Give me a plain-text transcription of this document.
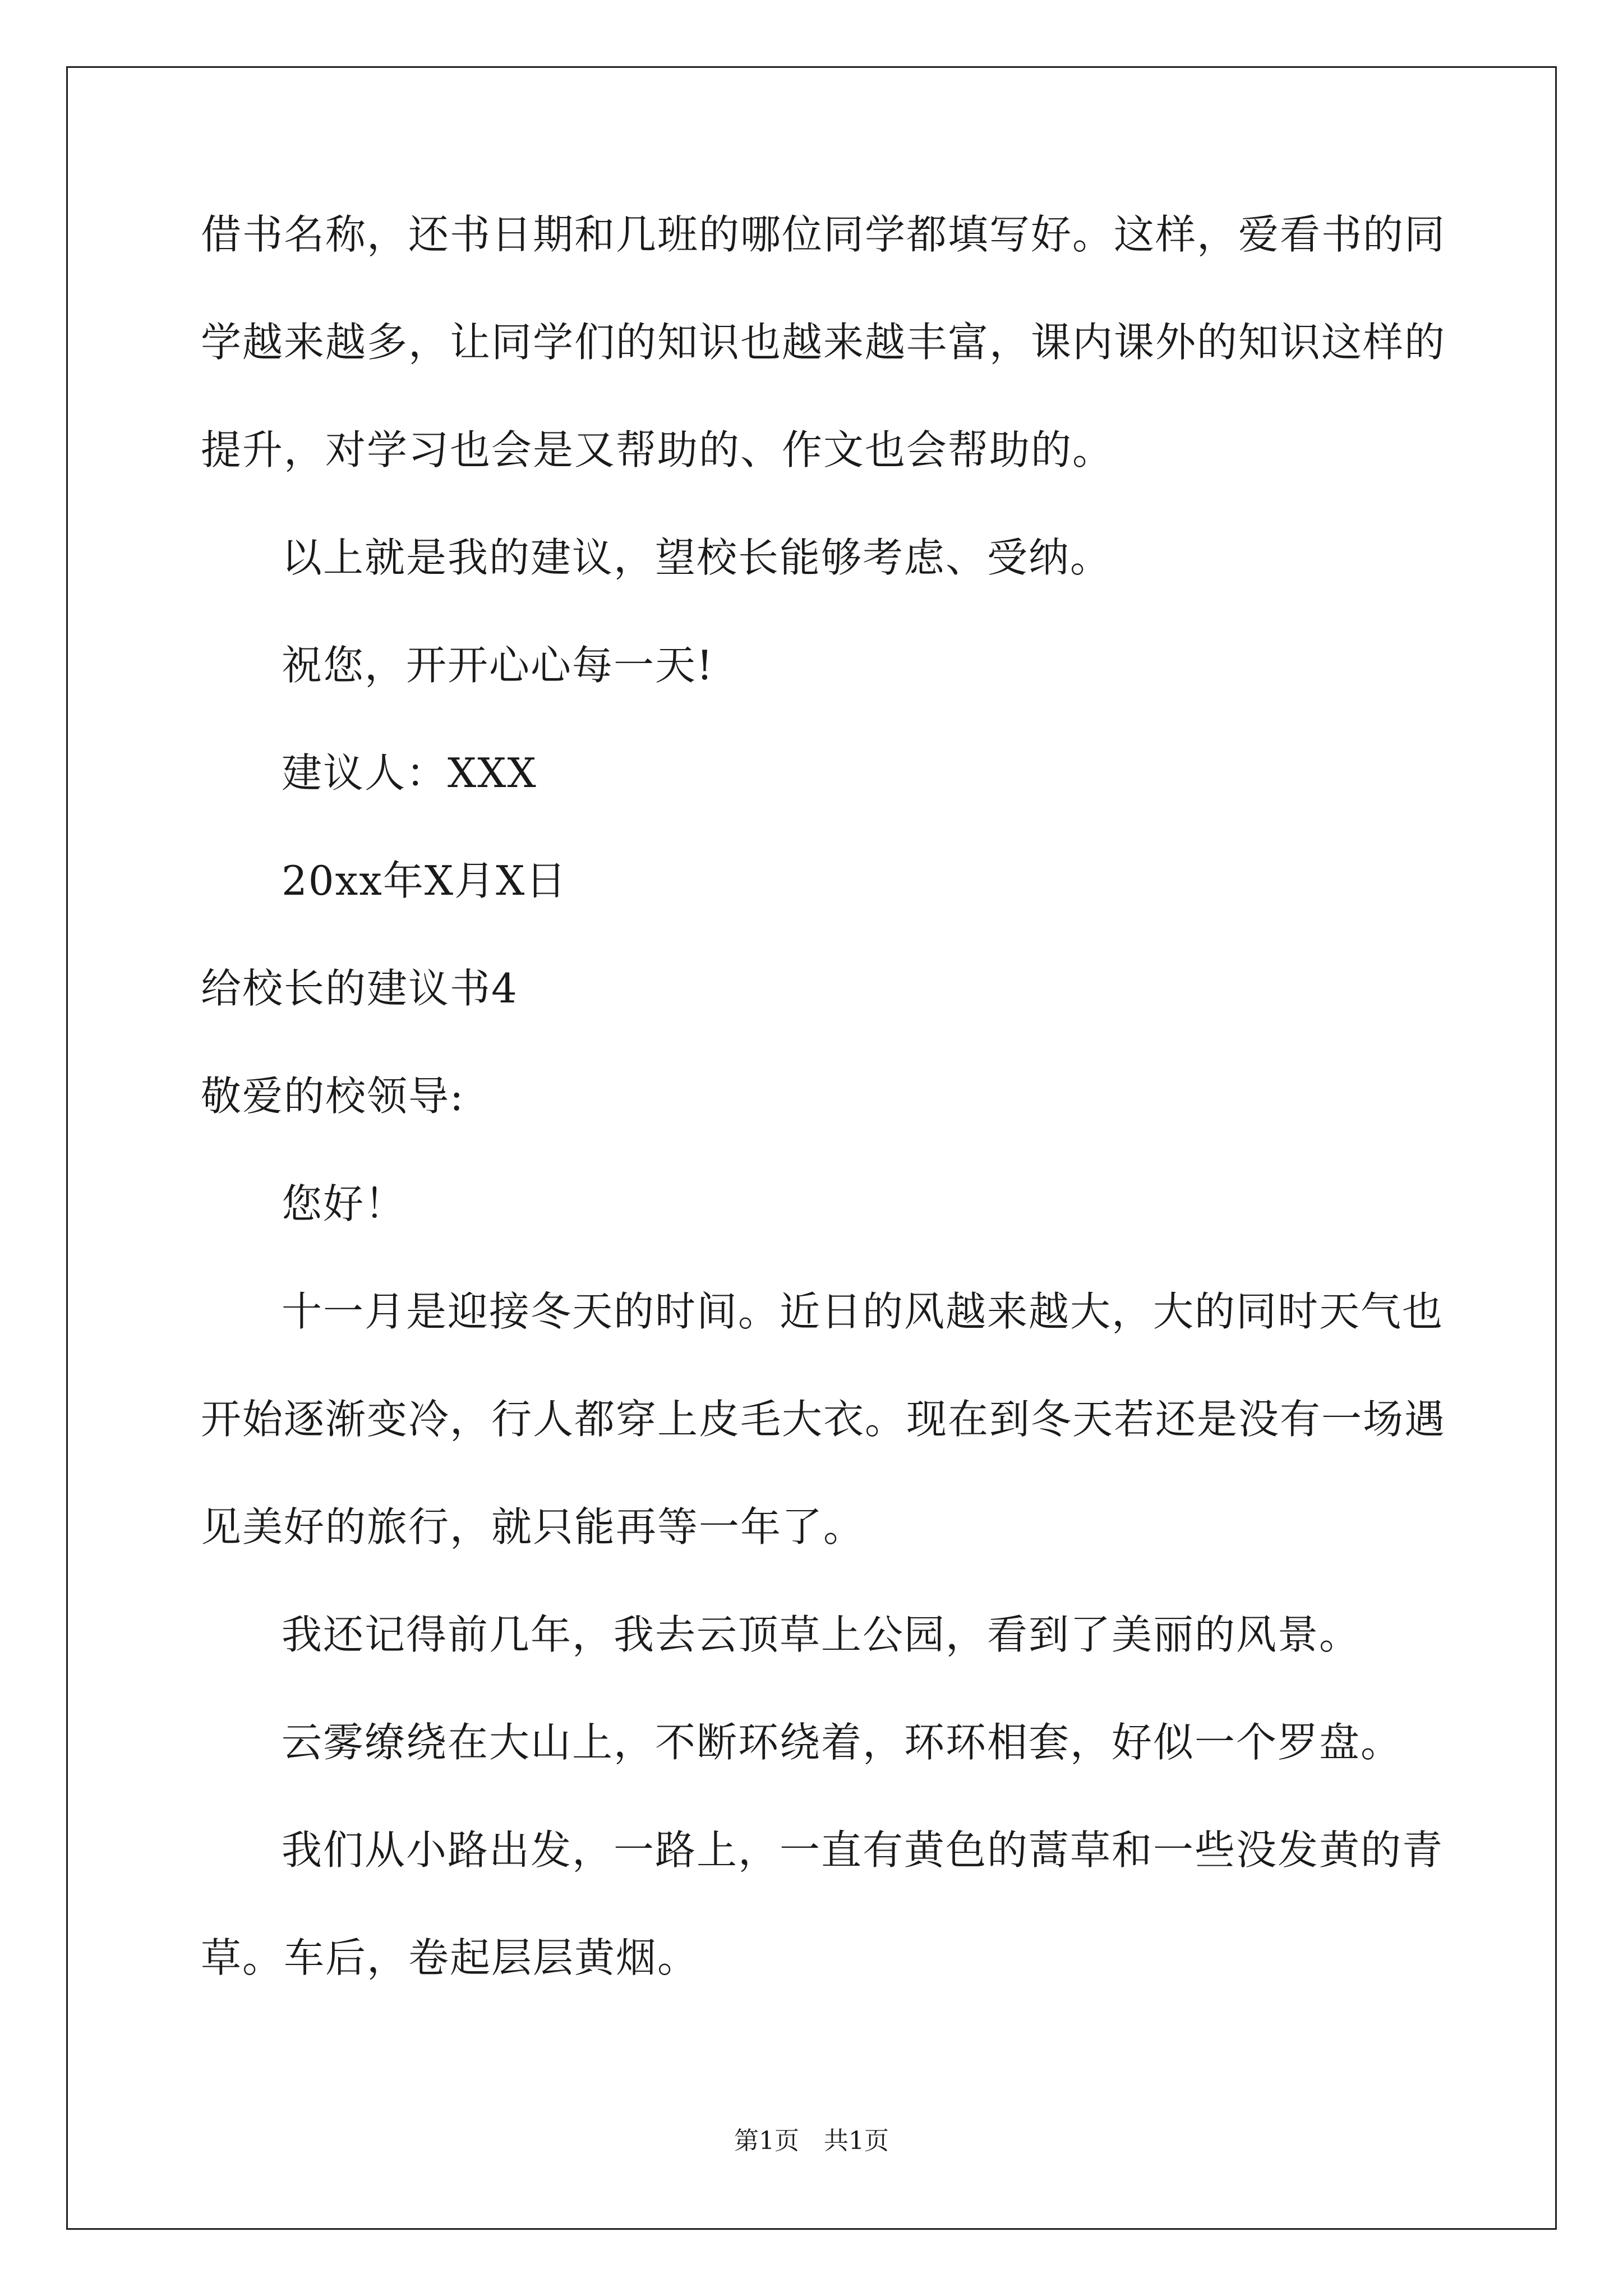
借书名称，还书日期和几班的哪位同学都填写好。这样，爱看书的同
学越来越多，让同学们的知识也越来越丰富，课内课外的知识这样的
提升，对学习也会是又帮助的、作文也会帮助的。
以上就是我的建议，望校长能够考虑、受纳。
祝您，开开心心每一天!
建议人：XXX
20xx年X月X日
给校长的建议书4
敬爱的校领导:
您好！
十一月是迎接冬天的时间。近日的风越来越大，大的同时天气也
开始逐渐变冷，行人都穿上皮毛大衣。现在到冬天若还是没有一场遇
见美好的旅行，就只能再等一年了。
我还记得前几年，我去云顶草上公园，看到了美丽的风景。
云雾缭绕在大山上，不断环绕着，环环相套，好似一个罗盘。
我们从小路出发，一路上，一直有黄色的蒿草和一些没发黄的青
草。车后，卷起层层黄烟。
第1页　共1页
